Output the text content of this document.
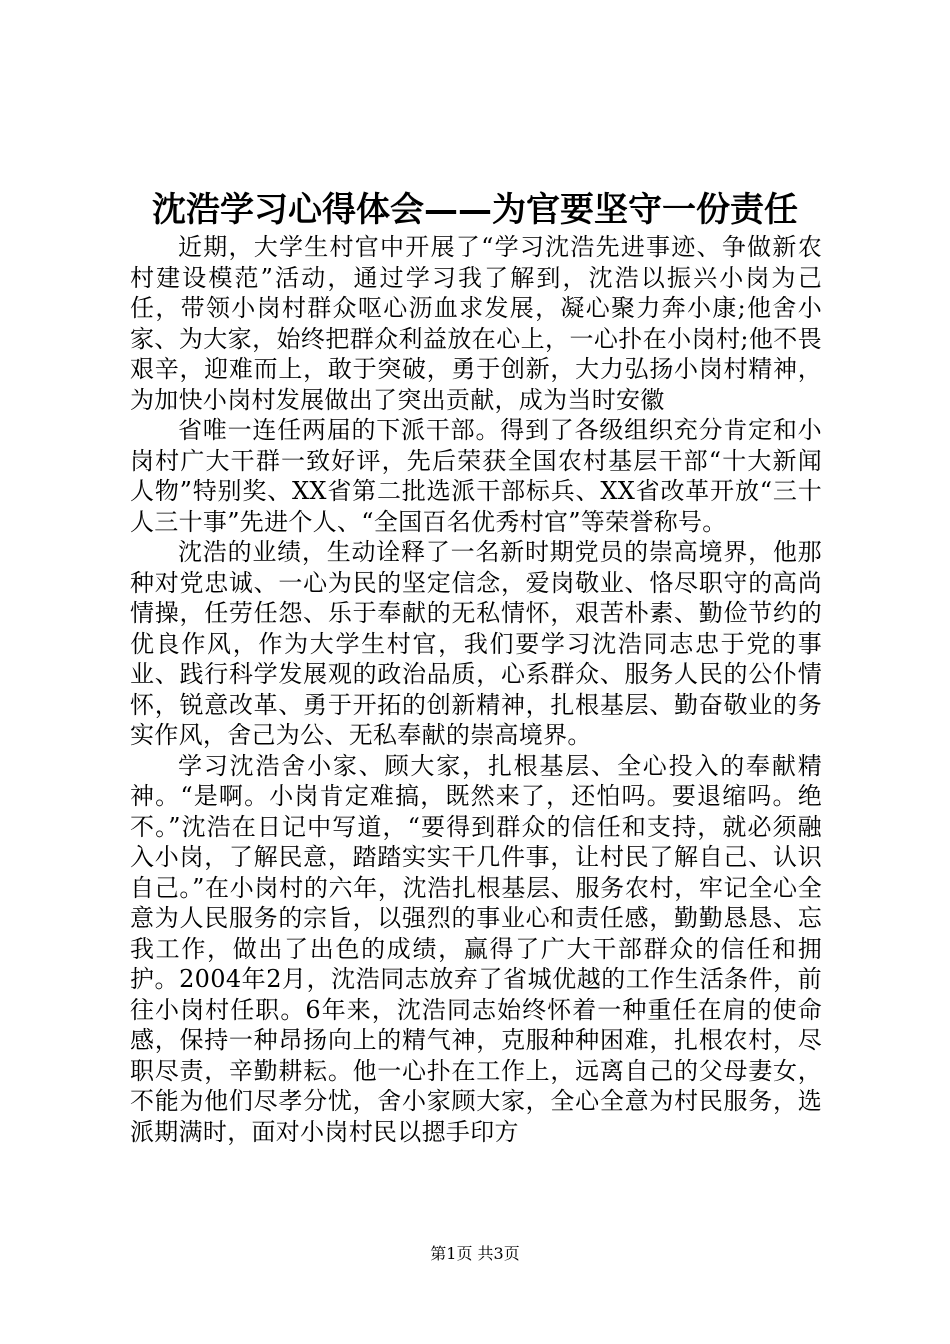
沈浩学习心得体会——为官要坚守一份责任

近期，大学生村官中开展了“学习沈浩先进事迹、争做新农村建设模范”活动，通过学习我了解到，沈浩以振兴小岗为己任，带领小岗村群众呕心沥血求发展，凝心聚力奔小康;他舍小家、为大家，始终把群众利益放在心上，一心扑在小岗村;他不畏艰辛，迎难而上，敢于突破，勇于创新，大力弘扬小岗村精神，为加快小岗村发展做出了突出贡献，成为当时安徽

省唯一连任两届的下派干部。得到了各级组织充分肯定和小岗村广大干群一致好评，先后荣获全国农村基层干部“十大新闻人物”特别奖、XX省第二批选派干部标兵、XX省改革开放“三十人三十事”先进个人、“全国百名优秀村官”等荣誉称号。

沈浩的业绩，生动诠释了一名新时期党员的崇高境界，他那种对党忠诚、一心为民的坚定信念，爱岗敬业、恪尽职守的高尚情操，任劳任怨、乐于奉献的无私情怀，艰苦朴素、勤俭节约的优良作风，作为大学生村官，我们要学习沈浩同志忠于党的事业、践行科学发展观的政治品质，心系群众、服务人民的公仆情怀，锐意改革、勇于开拓的创新精神，扎根基层、勤奋敬业的务实作风，舍己为公、无私奉献的崇高境界。

学习沈浩舍小家、顾大家，扎根基层、全心投入的奉献精神。“是啊。小岗肯定难搞，既然来了，还怕吗。要退缩吗。绝不。”沈浩在日记中写道，“要得到群众的信任和支持，就必须融入小岗，了解民意，踏踏实实干几件事，让村民了解自己、认识自己。”在小岗村的六年，沈浩扎根基层、服务农村，牢记全心全意为人民服务的宗旨，以强烈的事业心和责任感，勤勤恳恳、忘我工作，做出了出色的成绩，赢得了广大干部群众的信任和拥护。2004年2月，沈浩同志放弃了省城优越的工作生活条件，前往小岗村任职。6年来，沈浩同志始终怀着一种重任在肩的使命感，保持一种昂扬向上的精气神，克服种种困难，扎根农村，尽职尽责，辛勤耕耘。他一心扑在工作上，远离自己的父母妻女，不能为他们尽孝分忧，舍小家顾大家，全心全意为村民服务，选派期满时，面对小岗村民以摁手印方

第1页 共3页
